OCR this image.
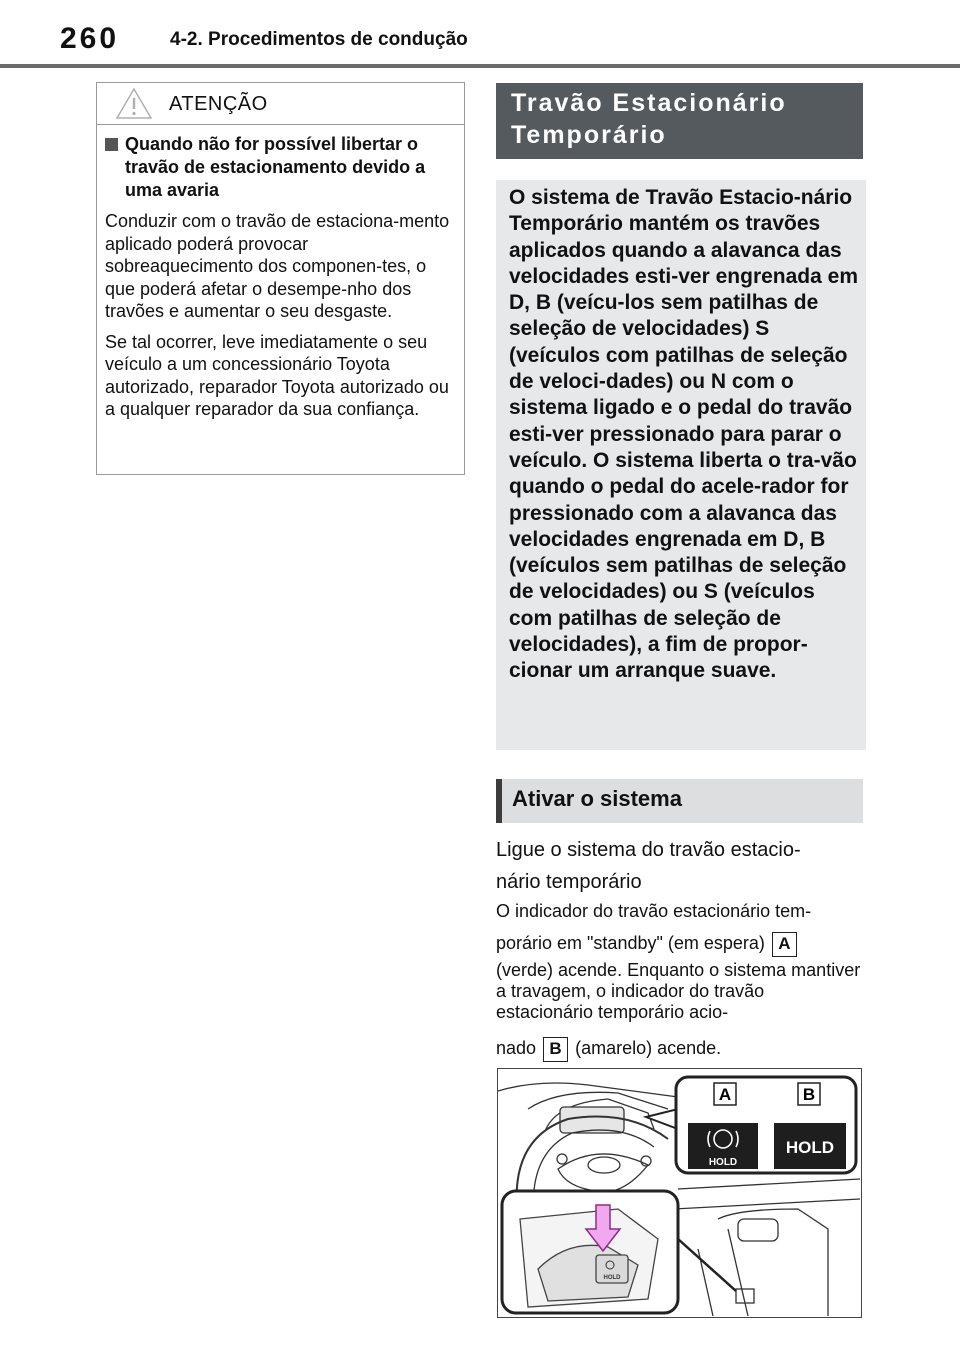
260	4-2. Procedimentos de condução
ATENÇÃO
Quando não for possível libertar o travão de estacionamento devido a uma avaria

Conduzir com o travão de estaciona-mento aplicado poderá provocar sobreaquecimento dos componen-tes, o que poderá afetar o desempe-nho dos travões e aumentar o seu desgaste.

Se tal ocorrer, leve imediatamente o seu veículo a um concessionário Toyota autorizado, reparador Toyota autorizado ou a qualquer reparador da sua confiança.

Travão Estacionário
Temporário

O sistema de Travão Estacio-nário Temporário mantém os travões aplicados quando a alavanca das velocidades esti-ver engrenada em D, B (veícu-los sem patilhas de seleção de velocidades) S (veículos com patilhas de seleção de veloci-dades) ou N com o sistema ligado e o pedal do travão esti-ver pressionado para parar o veículo. O sistema liberta o tra-vão quando o pedal do acele-rador for pressionado com a alavanca das velocidades engrenada em D, B (veículos sem patilhas de seleção de velocidades) ou S (veículos com patilhas de seleção de velocidades), a fim de propor-cionar um arranque suave.

Ativar o sistema
Ligue o sistema do travão estacio-
nário temporário
O indicador do travão estacionário tem-
porário em "standby" (em espera) A
(verde) acende. Enquanto o sistema mantiver a travagem, o indicador do travão estacionário temporário acio-
nado B (amarelo) acende.
A	B
HOLD
HOLD
HOLD
